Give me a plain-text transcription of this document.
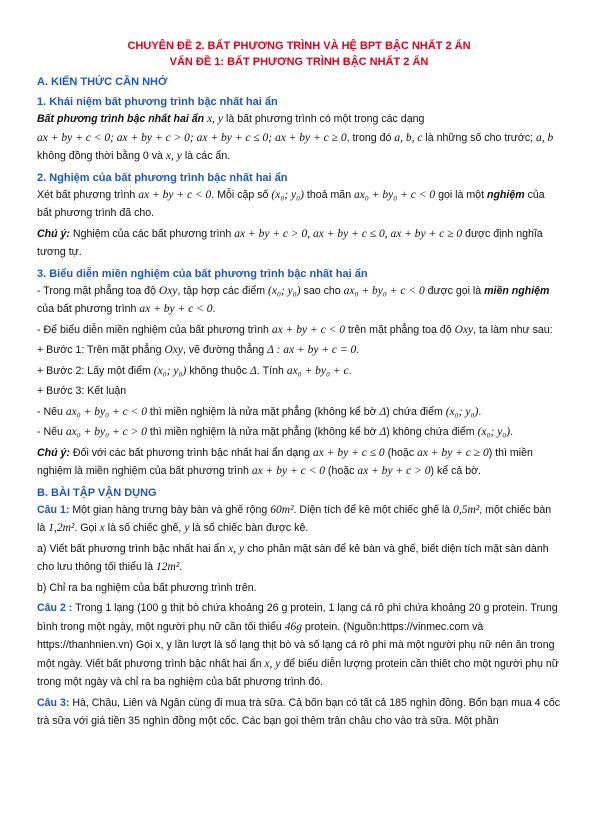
CHUYÊN ĐỀ 2. BẤT PHƯƠNG TRÌNH VÀ HỆ BPT BẬC NHẤT 2 ẨN
VẤN ĐỀ 1: BẤT PHƯƠNG TRÌNH BẬC NHẤT 2 ẨN
A. KIẾN THỨC CẦN NHỚ
1. Khái niệm bất phương trình bậc nhất hai ẩn

Bất phương trình bậc nhất hai ẩn x, y là bất phương trình có một trong các dạng
ax + by + c < 0; ax + by + c > 0; ax + by + c ≤ 0; ax + by + c ≥ 0, trong đó a, b, c là những số cho trước; a, b không đồng thời bằng 0 và x, y là các ẩn.

2. Nghiệm của bất phương trình bậc nhất hai ẩn

Xét bất phương trình ax + by + c < 0. Mỗi cặp số (x₀; y₀) thoả mãn ax₀ + by₀ + c < 0 gọi là một nghiệm của bất phương trình đã cho.

Chú ý: Nghiệm của các bất phương trình ax + by + c > 0, ax + by + c ≤ 0, ax + by + c ≥ 0 được định nghĩa tương tự.

3. Biểu diễn miền nghiệm của bất phương trình bậc nhất hai ẩn

- Trong mặt phẳng toạ độ Oxy, tập hợp các điểm (x₀; y₀) sao cho ax₀ + by₀ + c < 0 được gọi là miền nghiệm của bất phương trình ax + by + c < 0.

- Để biểu diễn miền nghiệm của bất phương trình ax + by + c < 0 trên mặt phẳng toạ độ Oxy, ta làm như sau:

+ Bước 1: Trên mặt phẳng Oxy, vẽ đường thẳng Δ : ax + by + c = 0.

+ Bước 2: Lấy một điểm (x₀; y₀) không thuộc Δ. Tính ax₀ + by₀ + c.

+ Bước 3: Kết luận

- Nếu ax₀ + by₀ + c < 0 thì miền nghiệm là nửa mặt phẳng (không kể bờ Δ) chứa điểm (x₀; y₀).

- Nếu ax₀ + by₀ + c > 0 thì miền nghiệm là nửa mặt phẳng (không kể bờ Δ) không chứa điểm (x₀; y₀).

Chú ý: Đối với các bất phương trình bậc nhất hai ẩn dạng ax + by + c ≤ 0 (hoặc ax + by + c ≥ 0) thì miền nghiệm là miền nghiệm của bất phương trình ax + by + c < 0 (hoặc ax + by + c > 0) kể cả bờ.

B. BÀI TẬP VẬN DỤNG

Câu 1: Một gian hàng trưng bày bàn và ghế rộng 60m². Diện tích để kê một chiếc ghế là 0,5m², một chiếc bàn là 1,2m². Gọi x là số chiếc ghế, y là số chiếc bàn được kê.

a) Viết bất phương trình bậc nhất hai ẩn x, y cho phần mặt sàn để kê bàn và ghế, biết diện tích mặt sàn dành cho lưu thông tối thiểu là 12m².

b) Chỉ ra ba nghiệm của bất phương trình trên.

Câu 2 : Trong 1 lạng (100 g thịt bò chứa khoảng 26 g protein, 1 lạng cá rô phi chứa khoảng 20 g protein. Trung bình trong một ngày, một người phụ nữ cần tối thiểu 46g protein. (Nguồn:https://vinmec.com và https://thanhnien.vn) Gọi x, y lần lượt là số lạng thịt bò và số lạng cá rô phi mà một người phụ nữ nên ăn trong một ngày. Viết bất phương trình bậc nhất hai ẩn x, y để biểu diễn lượng protein cần thiết cho một người phụ nữ trong một ngày và chỉ ra ba nghiệm của bất phương trình đó.

Câu 3: Hà, Châu, Liên và Ngân cùng đi mua trà sữa. Cả bốn bạn có tất cả 185 nghìn đồng. Bốn bạn mua 4 cốc trà sữa với giá tiền 35 nghìn đồng một cốc. Các bạn gọi thêm trân châu cho vào trà sữa. Một phần
